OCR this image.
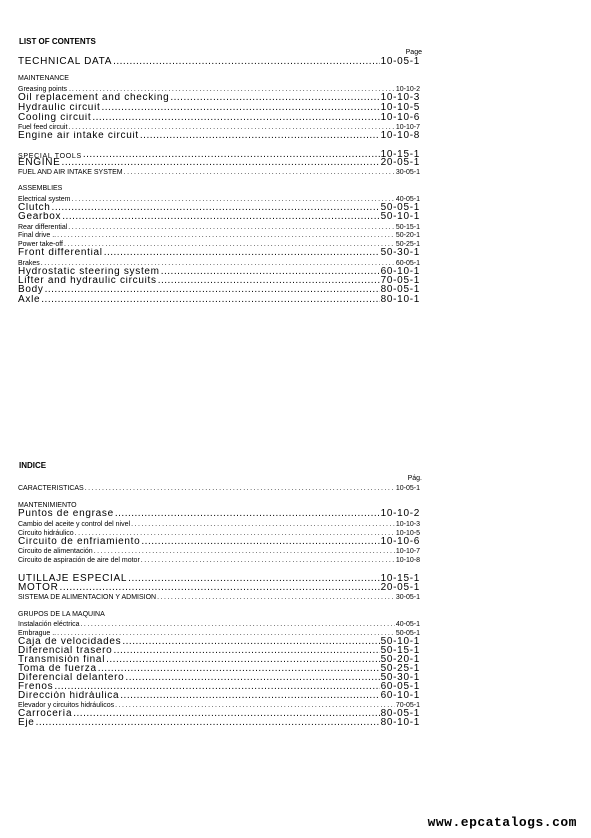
LIST OF CONTENTS
Page
TECHNICAL DATA .....	10-05-1
MAINTENANCE
Greasing points . .....	10-10-2
Oil replacement and checking .....	10-10-3
Hydraulic circuit .....	10-10-5
Cooling circuit .....	10-10-6
Fuel feed circuit .....	10-10-7
Engine air intake circuit .....	10-10-8
SPECIAL TOOLS .....	10-15-1
ENGINE .....	20-05-1
FUEL AND AIR INTAKE SYSTEM .....	30-05-1
ASSEMBLIES
Electrical system .....	40-05-1
Clutch .....	50-05-1
Gearbox .....	50-10-1
Rear differential .....	50-15-1
Final drive .. .....	50-20-1
Power take-off .....	50-25-1
Front differential .....	50-30-1
Brakes .....	60-05-1
Hydrostatic steering system .....	60-10-1
Lifter and hydraulic circuits .....	70-05-1
Body .....	80-05-1
Axle .....	80-10-1
INDICE
Pág.
CARACTERISTICAS .....	10-05-1
MANTENIMIENTO
Puntos de engrase .....	10-10-2
Cambio del aceite y control del nivel .....	10-10-3
Circuito hidráulico .....	10-10-5
Circuito de enfriamiento .....	10-10-6
Circuito de alimentación .....	10-10-7
Circuito de aspiración de aire del motor .....	10-10-8
UTILLAJE ESPECIAL .....	10-15-1
MOTOR .....	20-05-1
SISTEMA DE ALIMENTACION Y ADMISION .....	30-05-1
GRUPOS DE LA MAQUINA
Instalación eléctrica .....	40-05-1
Embrague .. .....	50-05-1
Caja de velocidades .....	50-10-1
Diferencial trasero .....	50-15-1
Transmisión final .....	50-20-1
Toma de fuerza .....	50-25-1
Diferencial delantero .....	50-30-1
Frenos .....	60-05-1
Dirección hidráulica .....	60-10-1
Elevador y circuitos hidráulicos .....	70-05-1
Carrocería .....	80-05-1
Eje .....	80-10-1
www.epcatalogs.com
